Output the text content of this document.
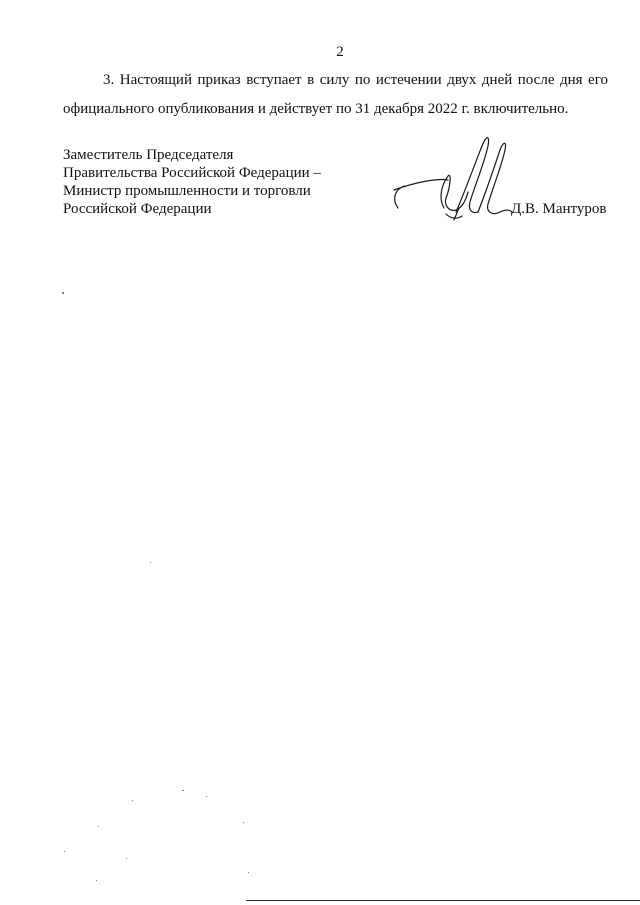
2

3. Настоящий приказ вступает в силу по истечении двух дней после дня его официального опубликования и действует по 31 декабря 2022 г. включительно.

Заместитель Председателя
Правительства Российской Федерации –
Министр промышленности и торговли
Российской Федерации	Д.В. Мантуров
